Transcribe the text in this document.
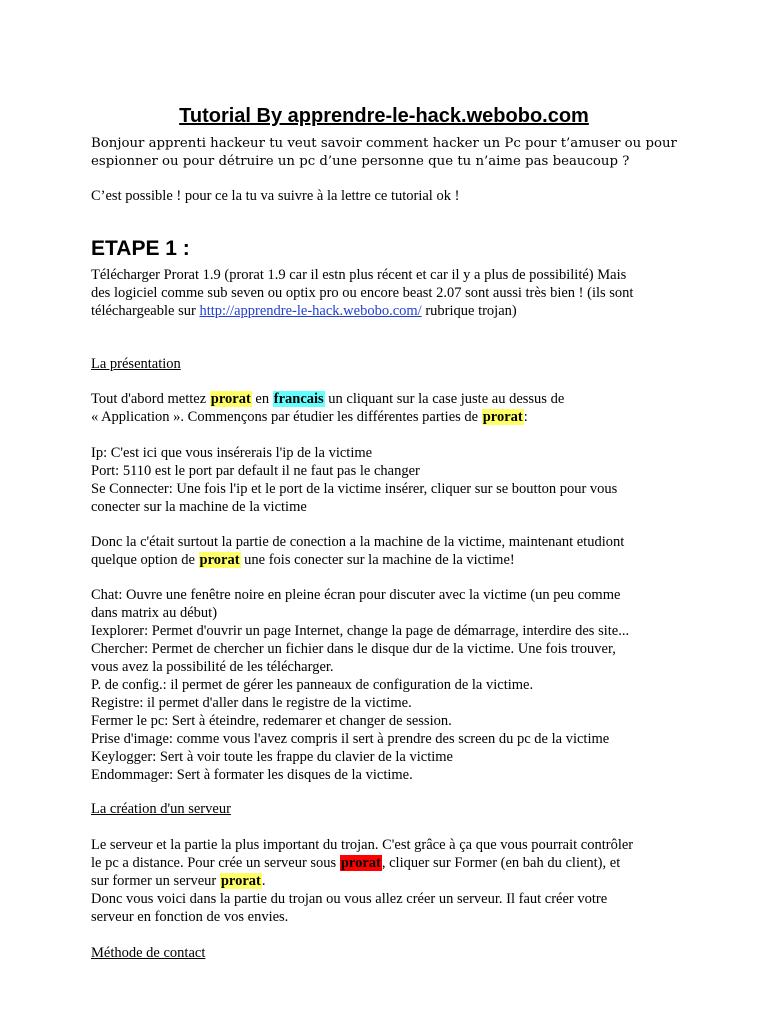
Tutorial By apprendre-le-hack.webobo.com
Bonjour apprenti hackeur tu veut savoir comment hacker un Pc pour t’amuser ou pour
espionner ou pour détruire un pc d’une personne que tu n’aime pas beaucoup ?
C’est possible ! pour ce la tu va suivre à la lettre ce tutorial ok !
ETAPE 1 :
Télécharger Prorat 1.9 (prorat 1.9 car il estn plus récent et car il y a plus de possibilité) Mais
des logiciel comme sub seven ou optix pro ou encore beast 2.07 sont aussi très bien ! (ils sont
téléchargeable sur http://apprendre-le-hack.webobo.com/ rubrique trojan)
La présentation
Tout d'abord mettez prorat en francais un cliquant sur la case juste au dessus de
« Application ». Commençons par étudier les différentes parties de prorat:
Ip: C'est ici que vous insérerais l'ip de la victime
Port: 5110 est le port par default il ne faut pas le changer
Se Connecter: Une fois l'ip et le port de la victime insérer, cliquer sur se boutton pour vous
conecter sur la machine de la victime
Donc la c'était surtout la partie de conection a la machine de la victime, maintenant etudiont
quelque option de prorat une fois conecter sur la machine de la victime!
Chat: Ouvre une fenêtre noire en pleine écran pour discuter avec la victime (un peu comme
dans matrix au début)
Iexplorer: Permet d'ouvrir un page Internet, change la page de démarrage, interdire des site...
Chercher: Permet de chercher un fichier dans le disque dur de la victime. Une fois trouver,
vous avez la possibilité de les télécharger.
P. de config.: il permet de gérer les panneaux de configuration de la victime.
Registre: il permet d'aller dans le registre de la victime.
Fermer le pc: Sert à éteindre, redemarer et changer de session.
Prise d'image: comme vous l'avez compris il sert à prendre des screen du pc de la victime
Keylogger: Sert à voir toute les frappe du clavier de la victime
Endommager: Sert à formater les disques de la victime.
La création d'un serveur
Le serveur et la partie la plus important du trojan. C'est grâce à ça que vous pourrait contrôler
le pc a distance. Pour crée un serveur sous prorat, cliquer sur Former (en bah du client), et
sur former un serveur prorat.
Donc vous voici dans la partie du trojan ou vous allez créer un serveur. Il faut créer votre
serveur en fonction de vos envies.
Méthode de contact
